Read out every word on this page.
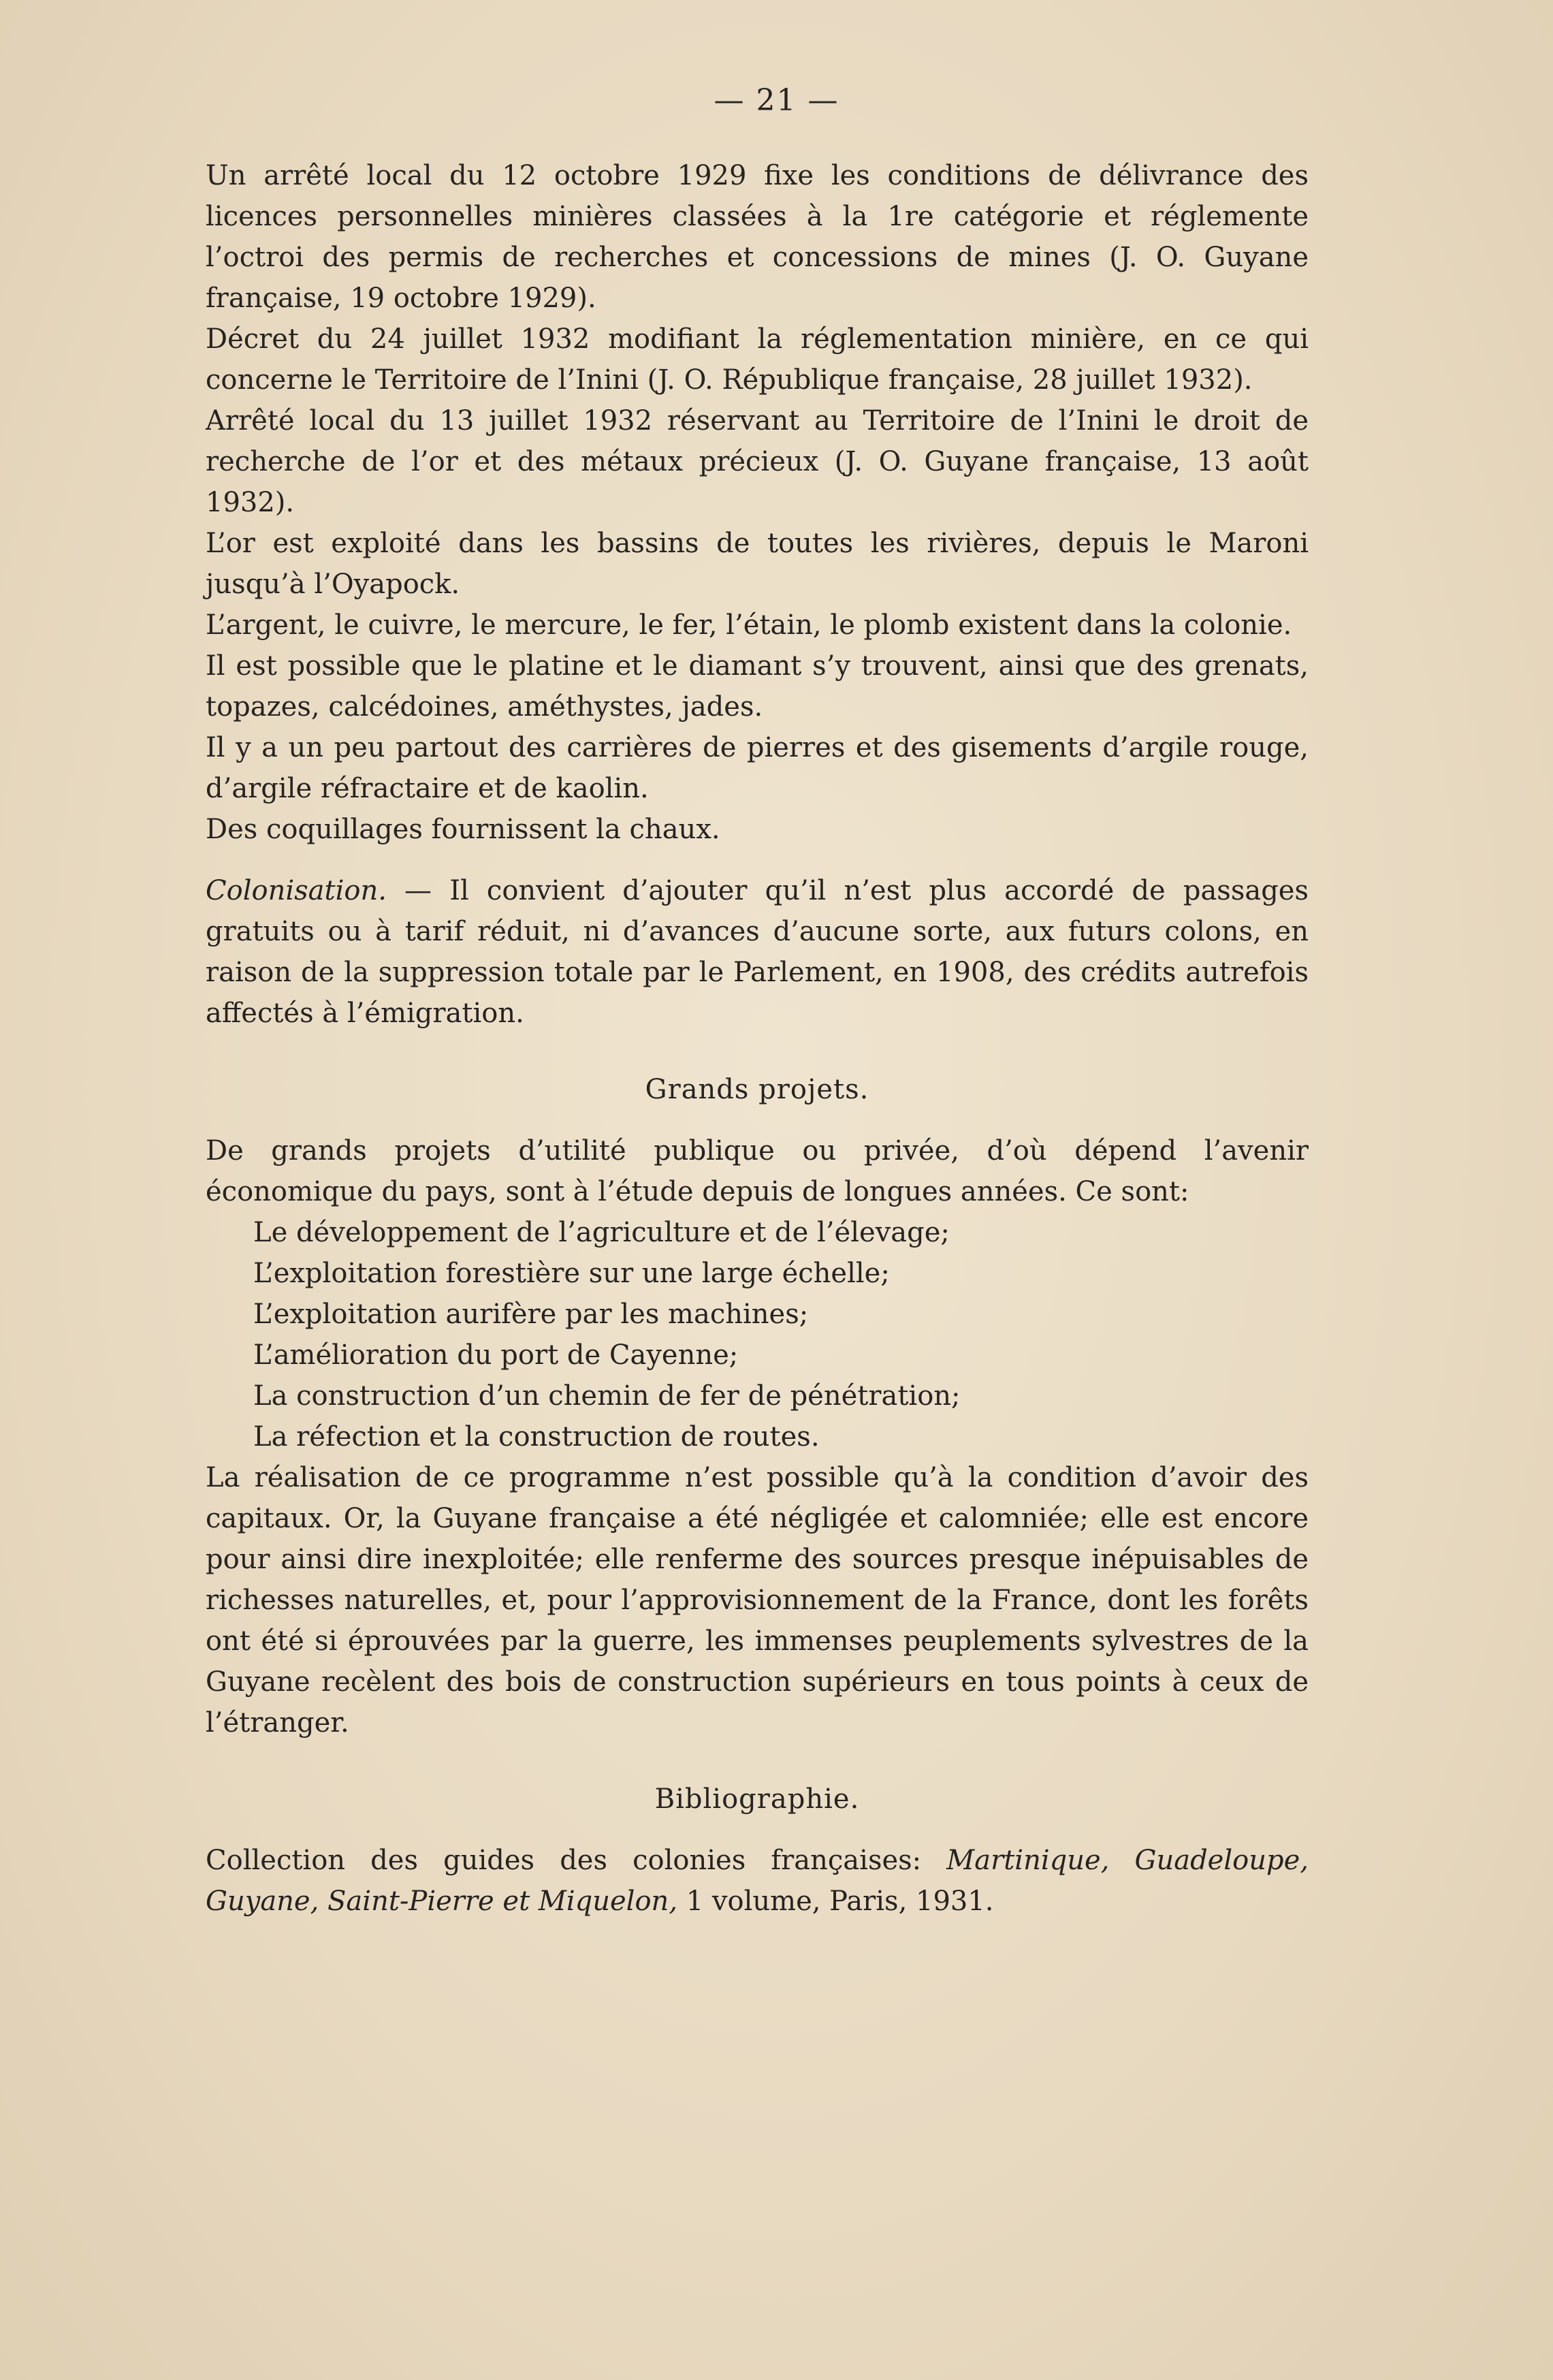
— 21 —

Un arrêté local du 12 octobre 1929 fixe les conditions de délivrance des licences personnelles minières classées à la 1re catégorie et réglemente l’octroi des permis de recherches et concessions de mines (J. O. Guyane française, 19 octobre 1929).

Décret du 24 juillet 1932 modifiant la réglementation minière, en ce qui concerne le Territoire de l’Inini (J. O. République française, 28 juillet 1932).

Arrêté local du 13 juillet 1932 réservant au Territoire de l’Inini le droit de recherche de l’or et des métaux précieux (J. O. Guyane française, 13 août 1932).

L’or est exploité dans les bassins de toutes les rivières, depuis le Maroni jusqu’à l’Oyapock.

L’argent, le cuivre, le mercure, le fer, l’étain, le plomb existent dans la colonie.

Il est possible que le platine et le diamant s’y trouvent, ainsi que des grenats, topazes, calcédoines, améthystes, jades.

Il y a un peu partout des carrières de pierres et des gisements d’argile rouge, d’argile réfractaire et de kaolin.

Des coquillages fournissent la chaux.

Colonisation. — Il convient d’ajouter qu’il n’est plus accordé de passages gratuits ou à tarif réduit, ni d’avances d’aucune sorte, aux futurs colons, en raison de la suppression totale par le Parlement, en 1908, des crédits autrefois affectés à l’émigration.

Grands projets.

De grands projets d’utilité publique ou privée, d’où dépend l’avenir économique du pays, sont à l’étude depuis de longues années. Ce sont:

Le développement de l’agriculture et de l’élevage;
L’exploitation forestière sur une large échelle;
L’exploitation aurifère par les machines;
L’amélioration du port de Cayenne;
La construction d’un chemin de fer de pénétration;
La réfection et la construction de routes.

La réalisation de ce programme n’est possible qu’à la condition d’avoir des capitaux. Or, la Guyane française a été négligée et calomniée; elle est encore pour ainsi dire inexploitée; elle renferme des sources presque inépuisables de richesses naturelles, et, pour l’approvisionnement de la France, dont les forêts ont été si éprouvées par la guerre, les immenses peuplements sylvestres de la Guyane recèlent des bois de construction supérieurs en tous points à ceux de l’étranger.

Bibliographie.

Collection des guides des colonies françaises: Martinique, Guadeloupe, Guyane, Saint-Pierre et Miquelon, 1 volume, Paris, 1931.
